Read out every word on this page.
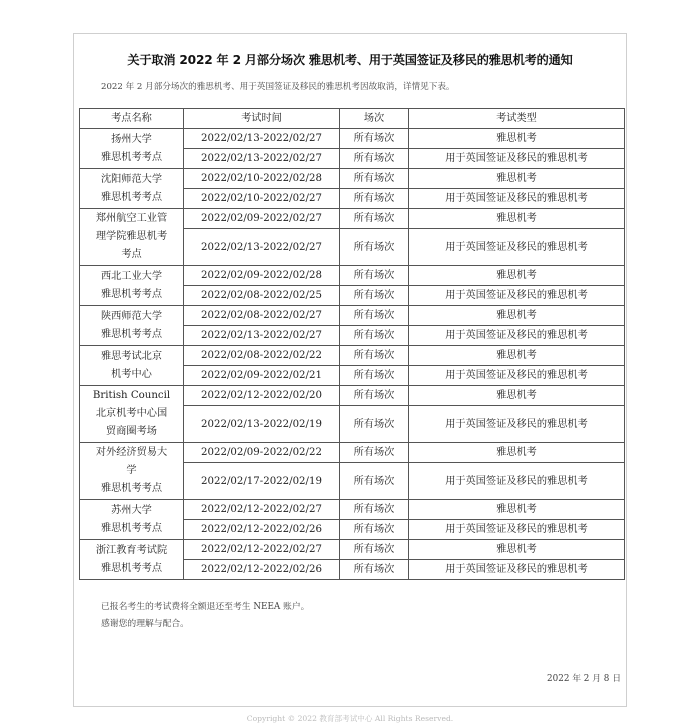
关于取消 2022 年 2 月部分场次 雅思机考、用于英国签证及移民的雅思机考的通知
2022 年 2 月部分场次的雅思机考、用于英国签证及移民的雅思机考因故取消，详情见下表。
考点名称	考试时间	场次	考试类型

扬州大学
雅思机考考点	2022/02/13-2022/02/27	所有场次	雅思机考
	2022/02/13-2022/02/27	所有场次	用于英国签证及移民的雅思机考

沈阳师范大学
雅思机考考点	2022/02/10-2022/02/28	所有场次	雅思机考
	2022/02/10-2022/02/27	所有场次	用于英国签证及移民的雅思机考

郑州航空工业管
理学院雅思机考
考点	2022/02/09-2022/02/27	所有场次	雅思机考
	2022/02/13-2022/02/27	所有场次	用于英国签证及移民的雅思机考

西北工业大学
雅思机考考点	2022/02/09-2022/02/28	所有场次	雅思机考
	2022/02/08-2022/02/25	所有场次	用于英国签证及移民的雅思机考

陕西师范大学
雅思机考考点	2022/02/08-2022/02/27	所有场次	雅思机考
	2022/02/13-2022/02/27	所有场次	用于英国签证及移民的雅思机考

雅思考试北京
机考中心	2022/02/08-2022/02/22	所有场次	雅思机考
	2022/02/09-2022/02/21	所有场次	用于英国签证及移民的雅思机考

British Council
北京机考中心国
贸商圈考场	2022/02/12-2022/02/20	所有场次	雅思机考
	2022/02/13-2022/02/19	所有场次	用于英国签证及移民的雅思机考

对外经济贸易大
学
雅思机考考点	2022/02/09-2022/02/22	所有场次	雅思机考
	2022/02/17-2022/02/19	所有场次	用于英国签证及移民的雅思机考

苏州大学
雅思机考考点	2022/02/12-2022/02/27	所有场次	雅思机考
	2022/02/12-2022/02/26	所有场次	用于英国签证及移民的雅思机考

浙江教育考试院
雅思机考考点	2022/02/12-2022/02/27	所有场次	雅思机考
	2022/02/12-2022/02/26	所有场次	用于英国签证及移民的雅思机考
已报名考生的考试费将全额退还至考生 NEEA 账户。
感谢您的理解与配合。
2022 年 2 月 8 日
Copyright © 2022 教育部考试中心 All Rights Reserved.
